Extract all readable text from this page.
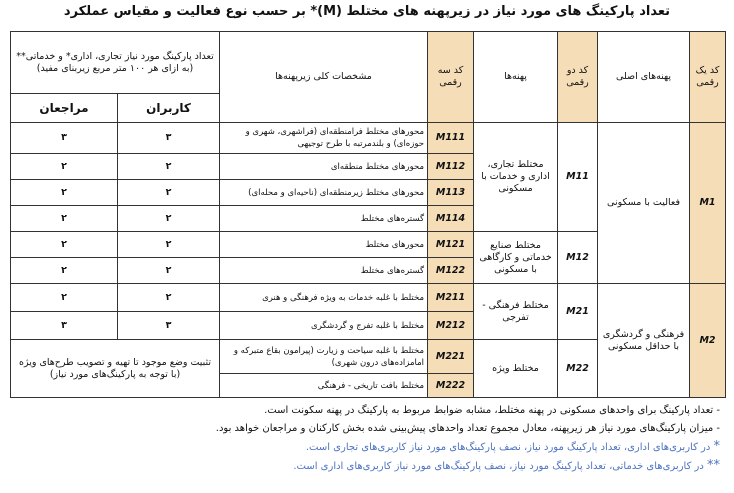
تعداد پارکینگ های مورد نیاز در زیرپهنه های مختلط (M)* بر حسب نوع فعالیت و مقیاس عملکرد
کد یک رقمی	پهنه‌های اصلی	کد دو رقمی	پهنه‌ها	کد سه رقمی	مشخصات کلی زیرپهنه‌ها	تعداد پارکینگ مورد نیاز تجاری، اداری* و خدماتی** (به ازای هر ۱۰۰ متر مربع زیربنای مفید)	
						کاربران	مراجعان
M1	فعالیت با مسکونی	M11	مختلط تجاری، اداری و خدمات با مسکونی	M111	محورهای مختلط فرامنطقه‌ای (فراشهری، شهری و حوزه‌ای) و بلندمرتبه با طرح توجیهی	۳	۳
				M112	محورهای مختلط منطقه‌ای	۲	۲
				M113	محورهای مختلط زیرمنطقه‌ای (ناحیه‌ای و محله‌ای)	۲	۲
				M114	گستره‌های مختلط	۲	۲
		M12	مختلط صنایع خدماتی و کارگاهی با مسکونی	M121	محورهای مختلط	۲	۲
				M122	گستره‌های مختلط	۲	۲
M2	فرهنگی و گردشگری با حداقل مسکونی	M21	مختلط فرهنگی - تفرجی	M211	مختلط با غلبه خدمات به ویژه فرهنگی و هنری	۲	۲
				M212	مختلط با غلبه تفرج و گردشگری	۳	۳
		M22	مختلط ویژه	M221	مختلط با غلبه سیاحت و زیارت (پیرامون بقاع متبرکه و امامزاده‌های درون شهری)	تثبیت وضع موجود تا تهیه و تصویب طرح‌های ویژه (با توجه به پارکینگ‌های مورد نیاز)	
				M222	مختلط بافت تاریخی - فرهنگی		
- تعداد پارکینگ برای واحدهای مسکونی در پهنه مختلط، مشابه ضوابط مربوط به پارکینگ در پهنه سکونت است.
- میزان پارکینگ‌های مورد نیاز هر زیرپهنه، معادل مجموع تعداد واحدهای پیش‌بینی شده بخش کارکنان و مراجعان خواهد بود.
* در کاربری‌های اداری، تعداد پارکینگ مورد نیاز، نصف پارکینگ‌های مورد نیاز کاربری‌های تجاری است.
** در کاربری‌های خدماتی، تعداد پارکینگ مورد نیاز، نصف پارکینگ‌های مورد نیاز کاربری‌های اداری است.
